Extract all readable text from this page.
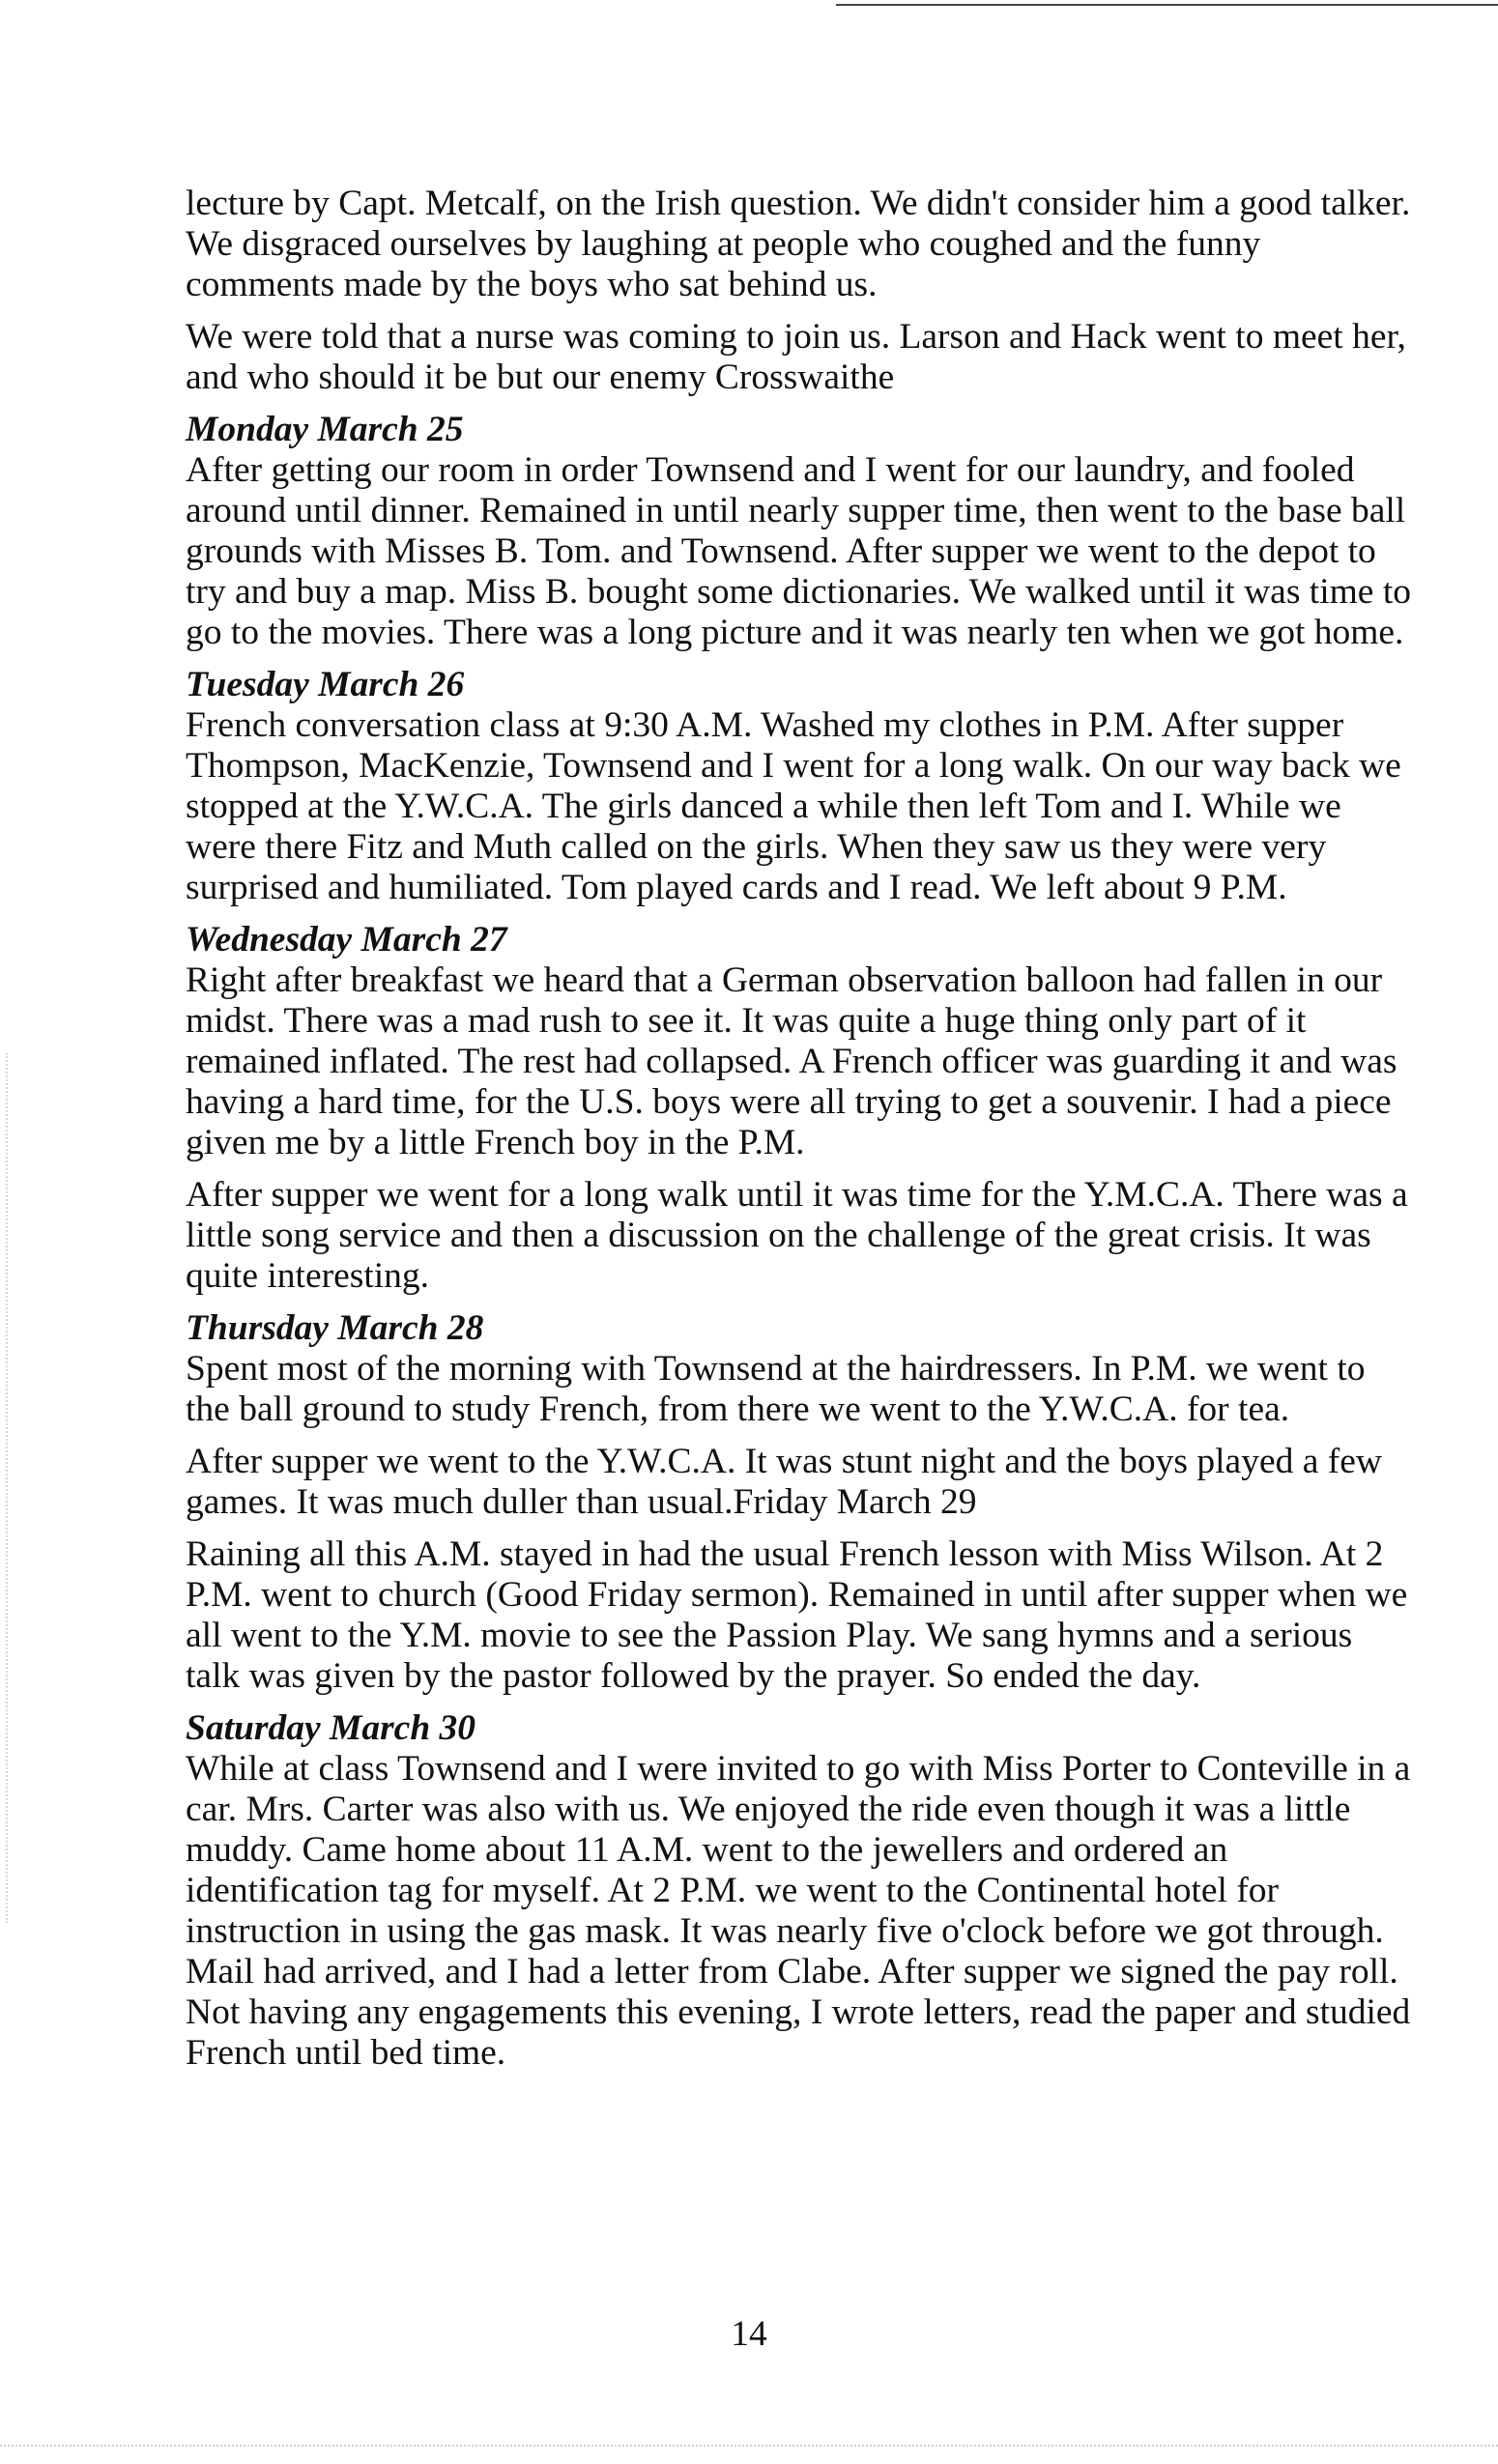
lecture by Capt. Metcalf, on the Irish question. We didn't consider him a good talker. We disgraced ourselves by laughing at people who coughed and the funny comments made by the boys who sat behind us.

We were told that a nurse was coming to join us. Larson and Hack went to meet her, and who should it be but our enemy Crosswaithe

Monday March 25

After getting our room in order Townsend and I went for our laundry, and fooled around until dinner. Remained in until nearly supper time, then went to the base ball grounds with Misses B. Tom. and Townsend. After supper we went to the depot to try and buy a map. Miss B. bought some dictionaries. We walked until it was time to go to the movies. There was a long picture and it was nearly ten when we got home.

Tuesday March 26

French conversation class at 9:30 A.M. Washed my clothes in P.M. After supper Thompson, MacKenzie, Townsend and I went for a long walk. On our way back we stopped at the Y.W.C.A. The girls danced a while then left Tom and I. While we were there Fitz and Muth called on the girls. When they saw us they were very surprised and humiliated. Tom played cards and I read. We left about 9 P.M.

Wednesday March 27

Right after breakfast we heard that a German observation balloon had fallen in our midst. There was a mad rush to see it. It was quite a huge thing only part of it remained inflated. The rest had collapsed. A French officer was guarding it and was having a hard time, for the U.S. boys were all trying to get a souvenir. I had a piece given me by a little French boy in the P.M.

After supper we went for a long walk until it was time for the Y.M.C.A. There was a little song service and then a discussion on the challenge of the great crisis. It was quite interesting.

Thursday March 28

Spent most of the morning with Townsend at the hairdressers. In P.M. we went to the ball ground to study French, from there we went to the Y.W.C.A. for tea.

After supper we went to the Y.W.C.A. It was stunt night and the boys played a few games. It was much duller than usual.Friday March 29

Raining all this A.M. stayed in had the usual French lesson with Miss Wilson. At 2 P.M. went to church (Good Friday sermon). Remained in until after supper when we all went to the Y.M. movie to see the Passion Play. We sang hymns and a serious talk was given by the pastor followed by the prayer. So ended the day.

Saturday March 30

While at class Townsend and I were invited to go with Miss Porter to Conteville in a car. Mrs. Carter was also with us. We enjoyed the ride even though it was a little muddy. Came home about 11 A.M. went to the jewellers and ordered an identification tag for myself. At 2 P.M. we went to the Continental hotel for instruction in using the gas mask. It was nearly five o'clock before we got through. Mail had arrived, and I had a letter from Clabe. After supper we signed the pay roll. Not having any engagements this evening, I wrote letters, read the paper and studied French until bed time.

14
